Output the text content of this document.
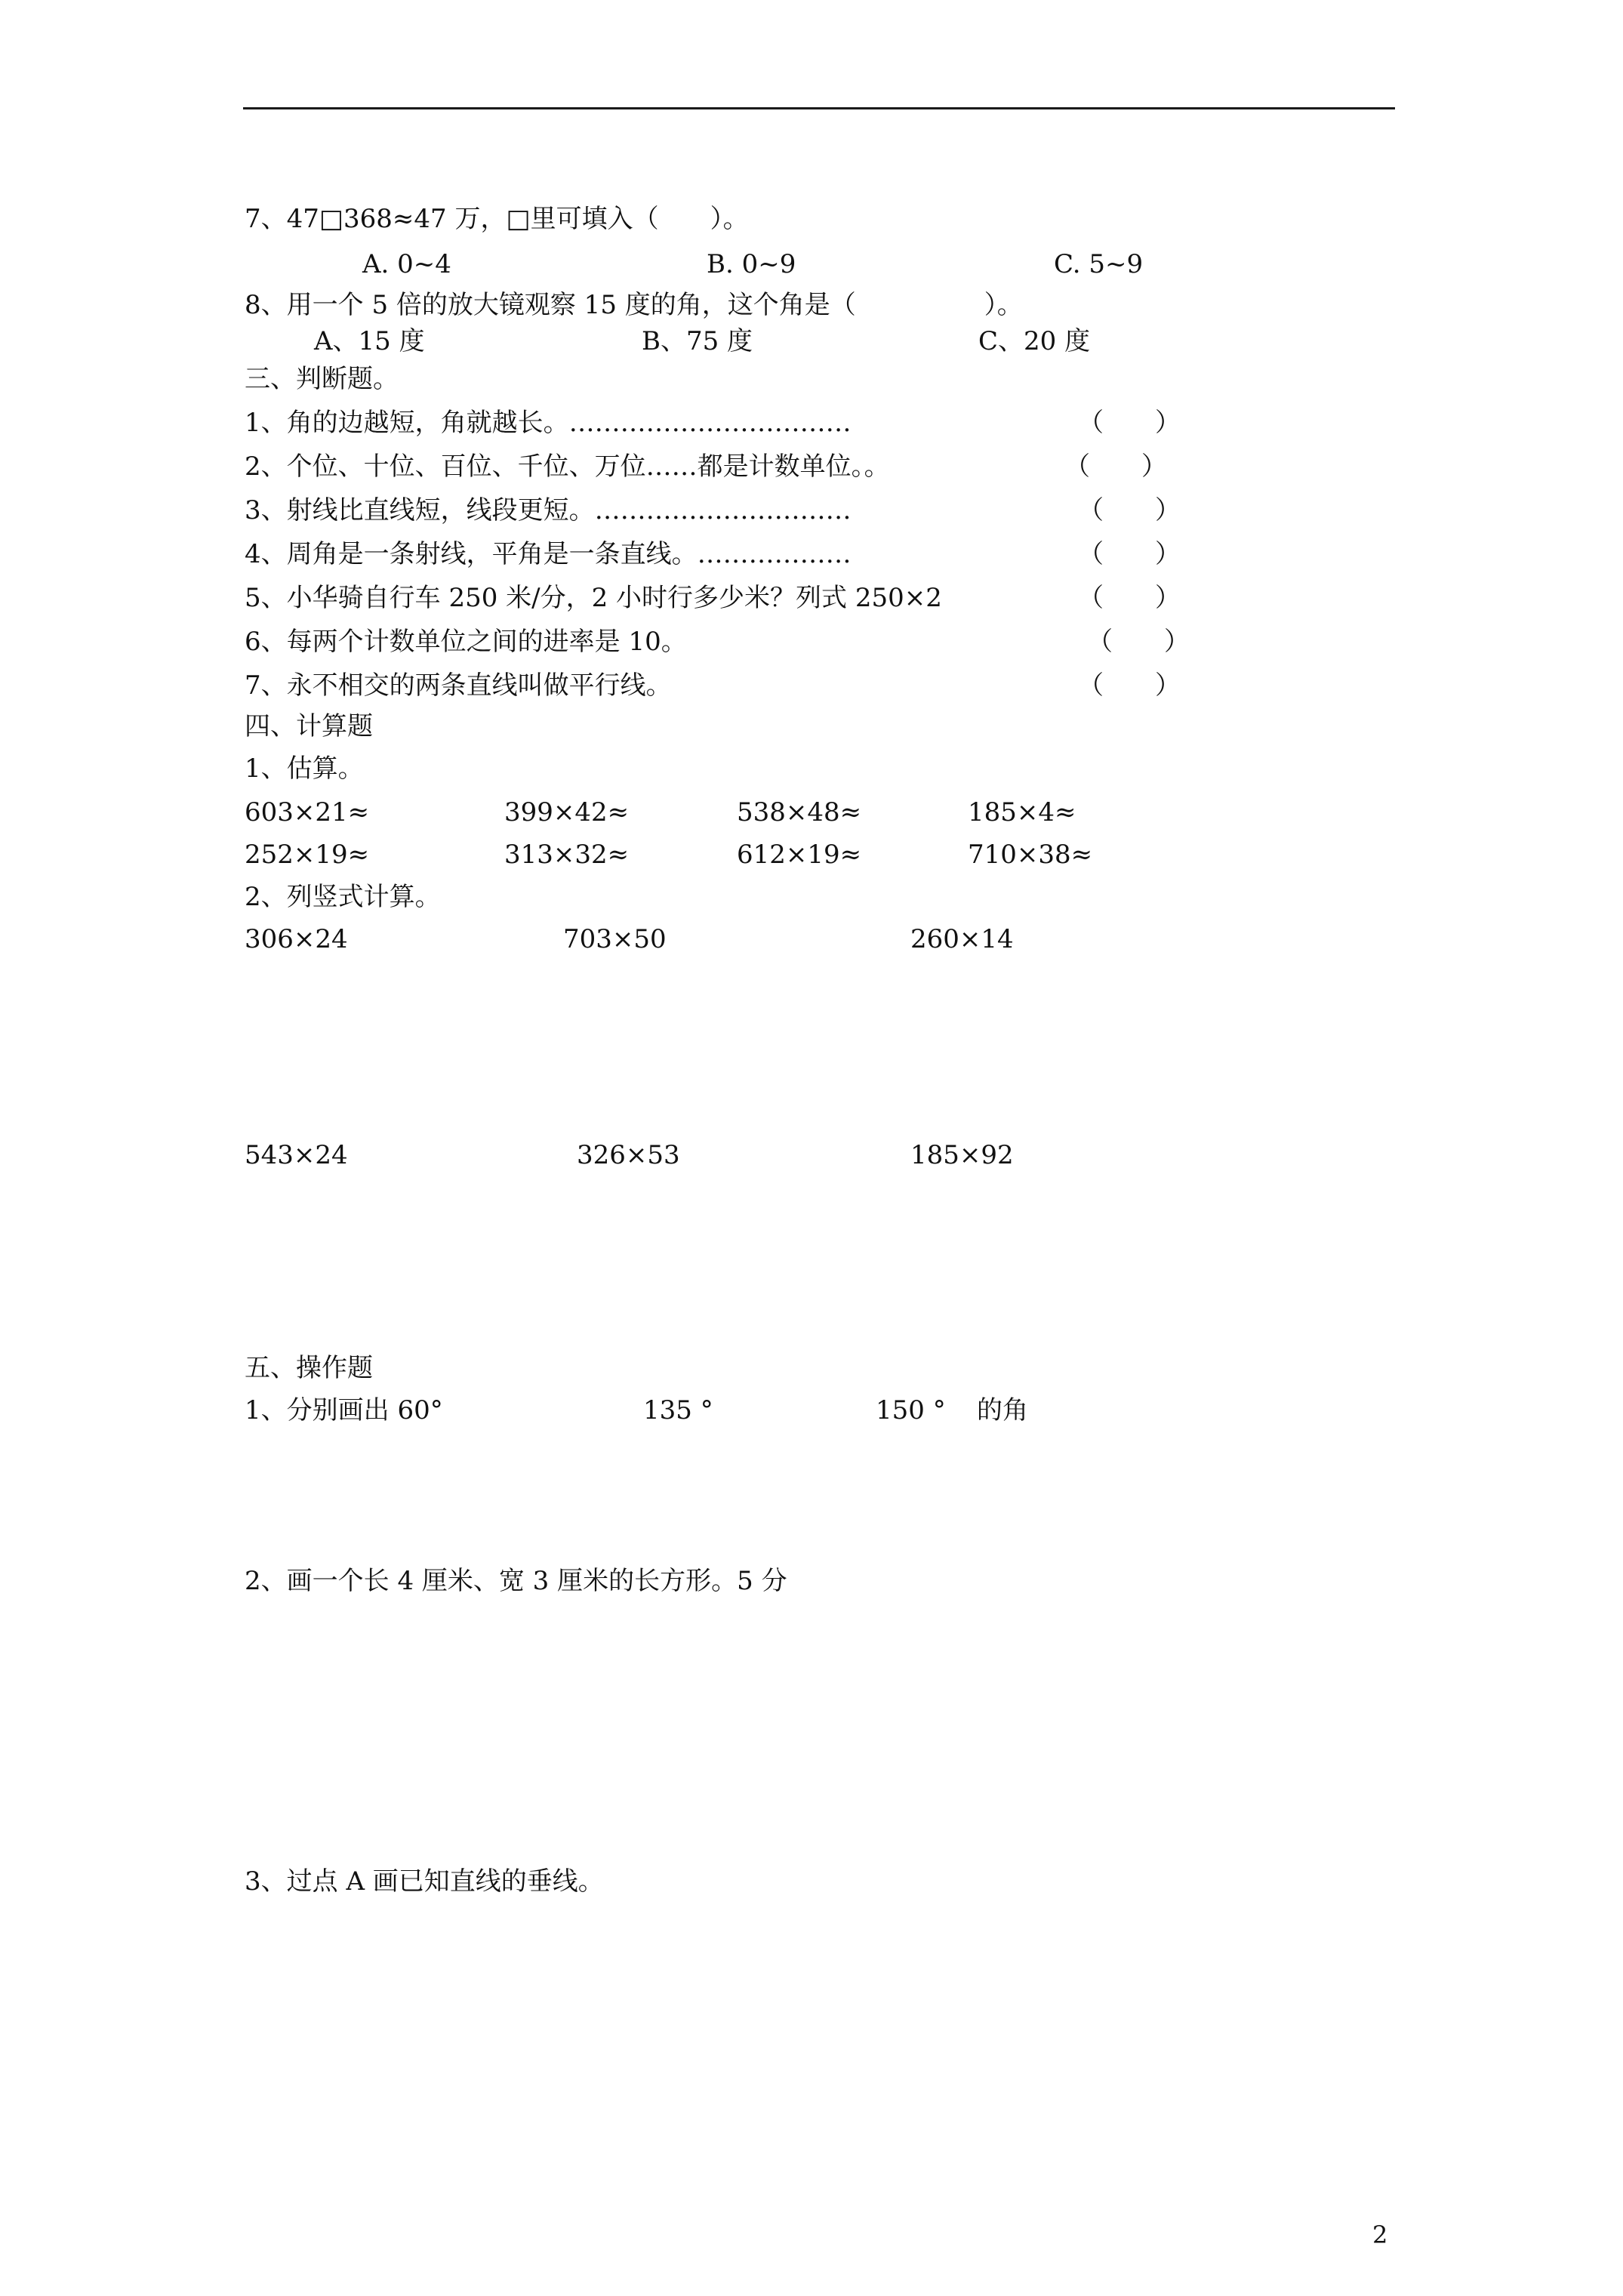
7、47□368≈47 万，□里可填入（　　）。
A. 0~4	B. 0~9	C. 5~9
8、用一个 5 倍的放大镜观察 15 度的角，这个角是（　　　　　）。
A、15 度	B、75 度	C、20 度
三、判断题。
1、角的边越短，角就越长。……………………………	（　　）
2、个位、十位、百位、千位、万位……都是计数单位。。	（　　）
3、射线比直线短，线段更短。…………………………	（　　）
4、周角是一条射线，平角是一条直线。………………	（　　）
5、小华骑自行车 250 米/分，2 小时行多少米？列式 250×2	（　　）
6、每两个计数单位之间的进率是 10。	（　　）
7、永不相交的两条直线叫做平行线。	（　　）
四、计算题
1、估算。
603×21≈	399×42≈	538×48≈	185×4≈
252×19≈	313×32≈	612×19≈	710×38≈
2、列竖式计算。
306×24	703×50	260×14
543×24	326×53	185×92
五、操作题
1、分别画出 60°	135 °	150 ° 的角
2、画一个长 4 厘米、宽 3 厘米的长方形。5 分
3、过点 A 画已知直线的垂线。
2
